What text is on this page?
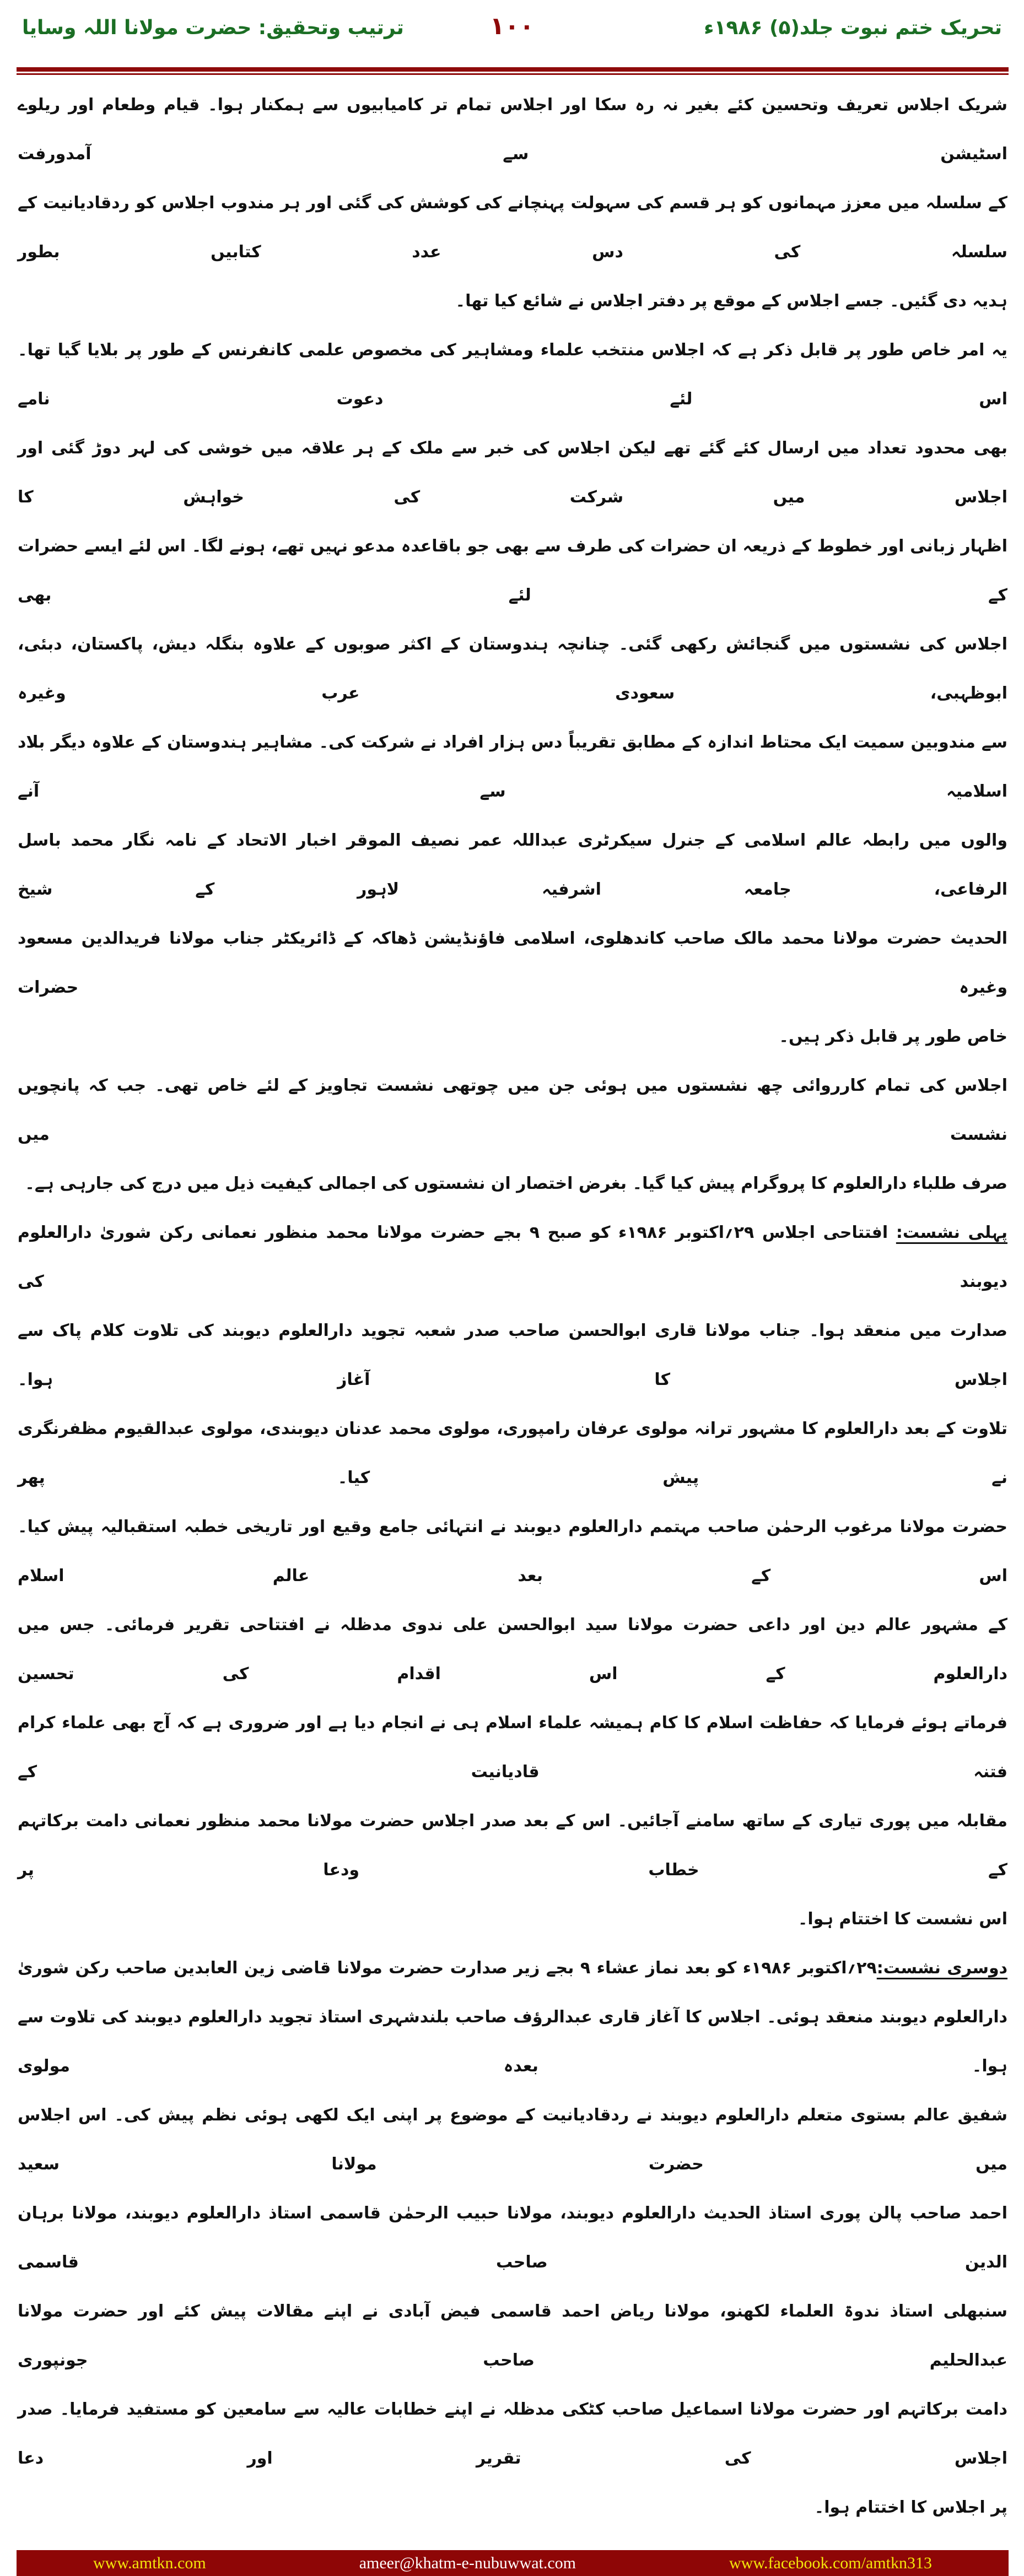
تحریک ختم نبوت جلد(۵) ۱۹۸۶ء
۱۰۰
ترتیب وتحقیق: حضرت مولانا اللہ وسایا
شریک اجلاس تعریف وتحسین کئے بغیر نہ رہ سکا اور اجلاس تمام تر کامیابیوں سے ہمکنار ہوا۔ قیام وطعام اور ریلوے اسٹیشن سے آمدورفت
کے سلسلہ میں معزز مہمانوں کو ہر قسم کی سہولت پہنچانے کی کوشش کی گئی اور ہر مندوب اجلاس کو ردقادیانیت کے سلسلہ کی دس عدد کتابیں بطور
ہدیہ دی گئیں۔ جسے اجلاس کے موقع پر دفتر اجلاس نے شائع کیا تھا۔
یہ امر خاص طور پر قابل ذکر ہے کہ اجلاس منتخب علماء ومشاہیر کی مخصوص علمی کانفرنس کے طور پر بلایا گیا تھا۔ اس لئے دعوت نامے
بھی محدود تعداد میں ارسال کئے گئے تھے لیکن اجلاس کی خبر سے ملک کے ہر علاقہ میں خوشی کی لہر دوڑ گئی اور اجلاس میں شرکت کی خواہش کا
اظہار زبانی اور خطوط کے ذریعہ ان حضرات کی طرف سے بھی جو باقاعدہ مدعو نہیں تھے، ہونے لگا۔ اس لئے ایسے حضرات کے لئے بھی
اجلاس کی نشستوں میں گنجائش رکھی گئی۔ چنانچہ ہندوستان کے اکثر صوبوں کے علاوہ بنگلہ دیش، پاکستان، دبئی، ابوظہبی، سعودی عرب وغیرہ
سے مندوبین سمیت ایک محتاط اندازہ کے مطابق تقریباً دس ہزار افراد نے شرکت کی۔ مشاہیر ہندوستان کے علاوہ دیگر بلاد اسلامیہ سے آنے
والوں میں رابطہ عالم اسلامی کے جنرل سیکرٹری عبداللہ عمر نصیف الموقر اخبار الاتحاد کے نامہ نگار محمد باسل الرفاعی، جامعہ اشرفیہ لاہور کے شیخ
الحدیث حضرت مولانا محمد مالک صاحب کاندھلوی، اسلامی فاؤنڈیشن ڈھاکہ کے ڈائریکٹر جناب مولانا فریدالدین مسعود وغیرہ حضرات
خاص طور پر قابل ذکر ہیں۔
اجلاس کی تمام کارروائی چھ نشستوں میں ہوئی جن میں چوتھی نشست تجاویز کے لئے خاص تھی۔ جب کہ پانچویں نشست میں
صرف طلباء دارالعلوم کا پروگرام پیش کیا گیا۔ بغرض اختصار ان نشستوں کی اجمالی کیفیت ذیل میں درج کی جارہی ہے۔
پہلی نشست: افتتاحی اجلاس ۲۹؍اکتوبر ۱۹۸۶ء کو صبح ۹ بجے حضرت مولانا محمد منظور نعمانی رکن شوریٰ دارالعلوم دیوبند کی
صدارت میں منعقد ہوا۔ جناب مولانا قاری ابوالحسن صاحب صدر شعبہ تجوید دارالعلوم دیوبند کی تلاوت کلام پاک سے اجلاس کا آغاز ہوا۔
تلاوت کے بعد دارالعلوم کا مشہور ترانہ مولوی عرفان رامپوری، مولوی محمد عدنان دیوبندی، مولوی عبدالقیوم مظفرنگری نے پیش کیا۔ پھر
حضرت مولانا مرغوب الرحمٰن صاحب مہتمم دارالعلوم دیوبند نے انتہائی جامع وقیع اور تاریخی خطبہ استقبالیہ پیش کیا۔ اس کے بعد عالم اسلام
کے مشہور عالم دین اور داعی حضرت مولانا سید ابوالحسن علی ندوی مدظلہ نے افتتاحی تقریر فرمائی۔ جس میں دارالعلوم کے اس اقدام کی تحسین
فرماتے ہوئے فرمایا کہ حفاظت اسلام کا کام ہمیشہ علماء اسلام ہی نے انجام دیا ہے اور ضروری ہے کہ آج بھی علماء کرام فتنہ قادیانیت کے
مقابلہ میں پوری تیاری کے ساتھ سامنے آجائیں۔ اس کے بعد صدر اجلاس حضرت مولانا محمد منظور نعمانی دامت برکاتہم کے خطاب ودعا پر
اس نشست کا اختتام ہوا۔
دوسری نشست:۲۹؍اکتوبر ۱۹۸۶ء کو بعد نماز عشاء ۹ بجے زیر صدارت حضرت مولانا قاضی زین العابدین صاحب رکن شوریٰ
دارالعلوم دیوبند منعقد ہوئی۔ اجلاس کا آغاز قاری عبدالرؤف صاحب بلندشہری استاذ تجوید دارالعلوم دیوبند کی تلاوت سے ہوا۔ بعدہ مولوی
شفیق عالم بستوی متعلم دارالعلوم دیوبند نے ردقادیانیت کے موضوع پر اپنی ایک لکھی ہوئی نظم پیش کی۔ اس اجلاس میں حضرت مولانا سعید
احمد صاحب پالن پوری استاذ الحدیث دارالعلوم دیوبند، مولانا حبیب الرحمٰن قاسمی استاذ دارالعلوم دیوبند، مولانا برہان الدین صاحب قاسمی
سنبھلی استاذ ندوۃ العلماء لکھنو، مولانا ریاض احمد قاسمی فیض آبادی نے اپنے مقالات پیش کئے اور حضرت مولانا عبدالحلیم صاحب جونپوری
دامت برکاتہم اور حضرت مولانا اسماعیل صاحب کٹکی مدظلہ نے اپنے خطابات عالیہ سے سامعین کو مستفید فرمایا۔ صدر اجلاس کی تقریر اور دعا
پر اجلاس کا اختتام ہوا۔
www.amtkn.com	ameer@khatm-e-nubuwwat.com	www.facebook.com/amtkn313
